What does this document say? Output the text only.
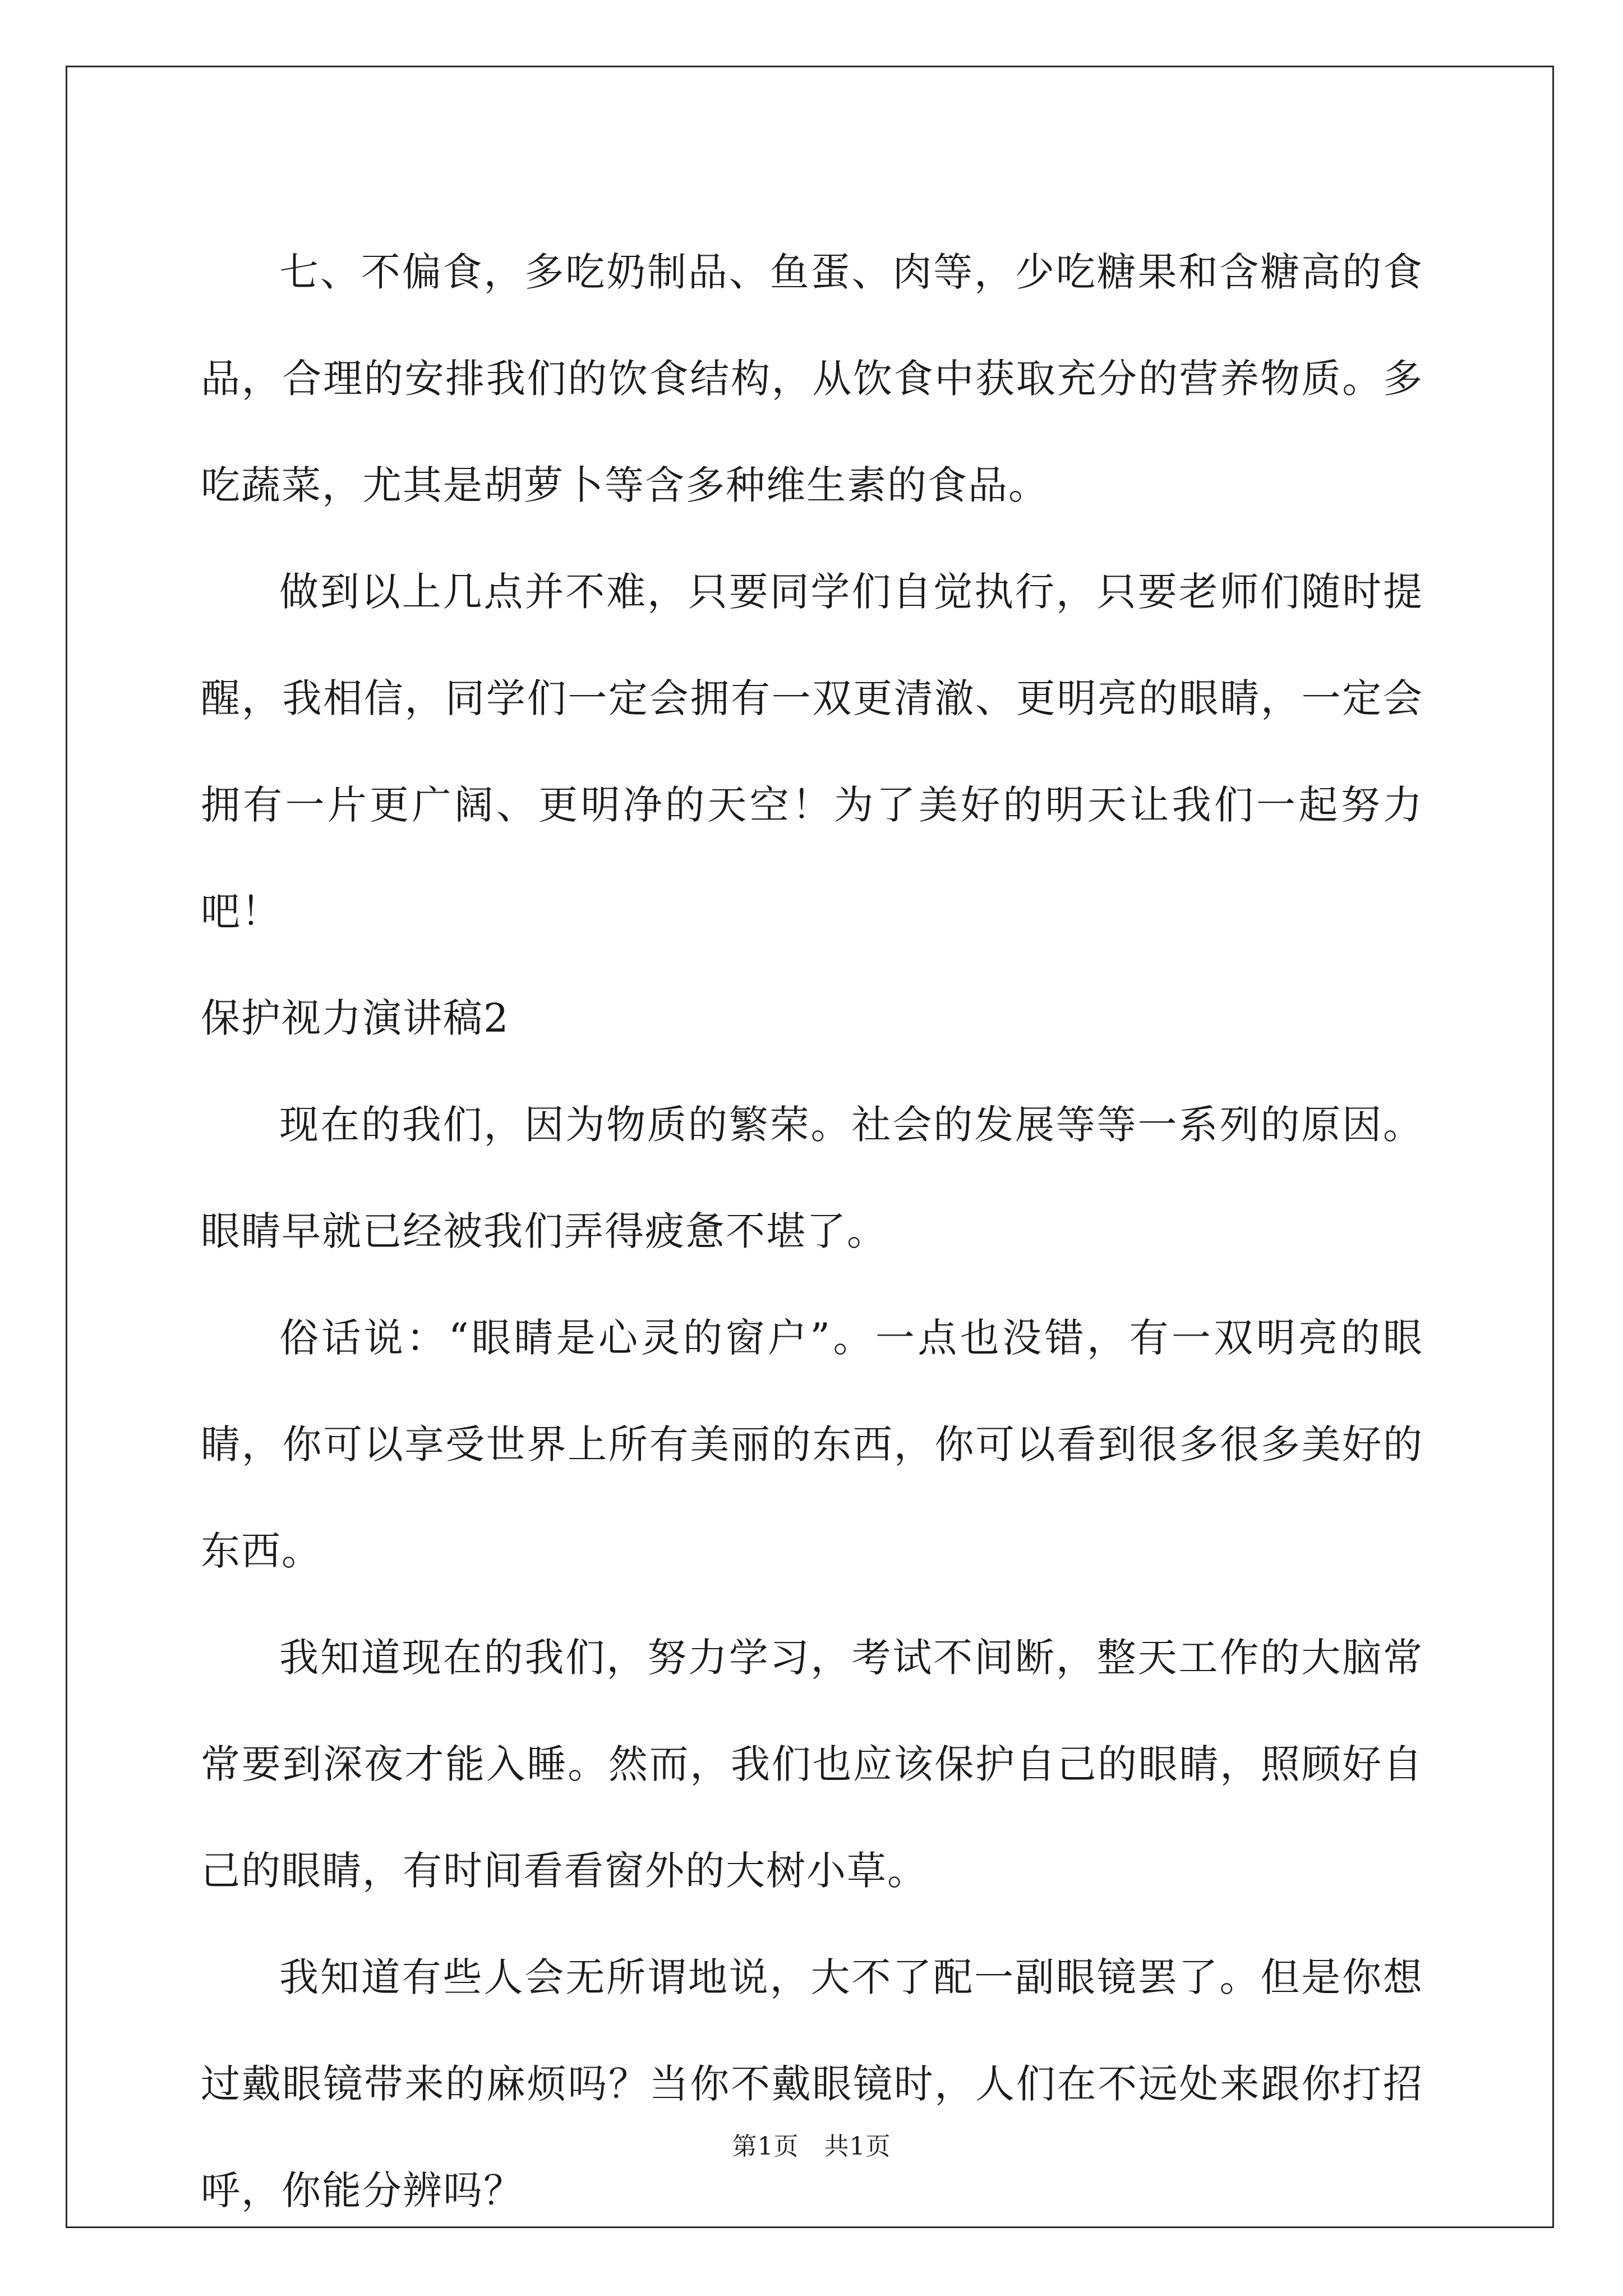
七、不偏食，多吃奶制品、鱼蛋、肉等，少吃糖果和含糖高的食品，合理的安排我们的饮食结构，从饮食中获取充分的营养物质。多吃蔬菜，尤其是胡萝卜等含多种维生素的食品。

做到以上几点并不难，只要同学们自觉执行，只要老师们随时提醒，我相信，同学们一定会拥有一双更清澈、更明亮的眼睛，一定会拥有一片更广阔、更明净的天空！为了美好的明天让我们一起努力吧！

保护视力演讲稿2

现在的我们，因为物质的繁荣。社会的发展等等一系列的原因。眼睛早就已经被我们弄得疲惫不堪了。

俗话说：“眼睛是心灵的窗户”。一点也没错，有一双明亮的眼睛，你可以享受世界上所有美丽的东西，你可以看到很多很多美好的东西。

我知道现在的我们，努力学习，考试不间断，整天工作的大脑常常要到深夜才能入睡。然而，我们也应该保护自己的眼睛，照顾好自己的眼睛，有时间看看窗外的大树小草。

我知道有些人会无所谓地说，大不了配一副眼镜罢了。但是你想过戴眼镜带来的麻烦吗？当你不戴眼镜时，人们在不远处来跟你打招呼，你能分辨吗？

第1页　共1页
